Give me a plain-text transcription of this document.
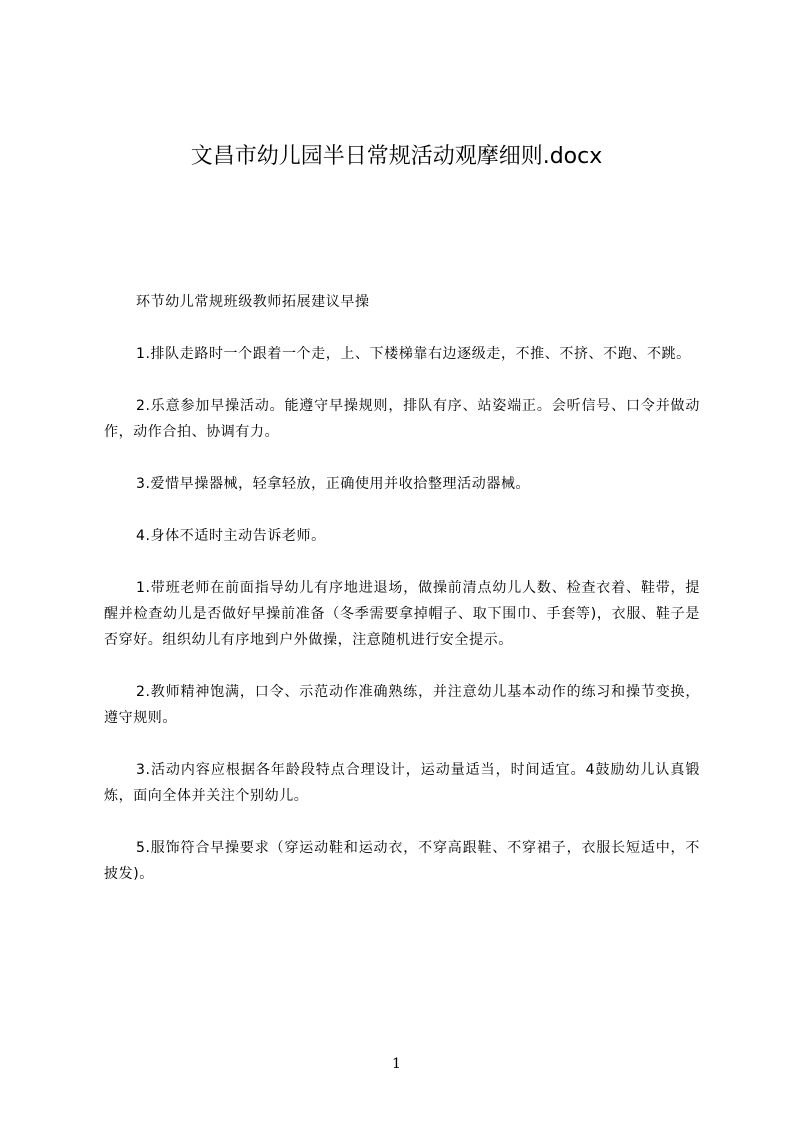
文昌市幼儿园半日常规活动观摩细则.docx

环节幼儿常规班级教师拓展建议早操

1.排队走路时一个跟着一个走，上、下楼梯靠右边逐级走，不推、不挤、不跑、不跳。

2.乐意参加早操活动。能遵守早操规则，排队有序、站姿端正。会听信号、口令并做动作，动作合拍、协调有力。

3.爱惜早操器械，轻拿轻放，正确使用并收拾整理活动器械。

4.身体不适时主动告诉老师。

1.带班老师在前面指导幼儿有序地进退场，做操前清点幼儿人数、检查衣着、鞋带，提醒并检查幼儿是否做好早操前准备（冬季需要拿掉帽子、取下围巾、手套等)，衣服、鞋子是否穿好。组织幼儿有序地到户外做操，注意随机进行安全提示。

2.教师精神饱满，口令、示范动作准确熟练，并注意幼儿基本动作的练习和操节变换，遵守规则。

3.活动内容应根据各年龄段特点合理设计，运动量适当，时间适宜。4鼓励幼儿认真锻炼，面向全体并关注个别幼儿。

5.服饰符合早操要求（穿运动鞋和运动衣，不穿高跟鞋、不穿裙子，衣服长短适中，不披发)。

1
